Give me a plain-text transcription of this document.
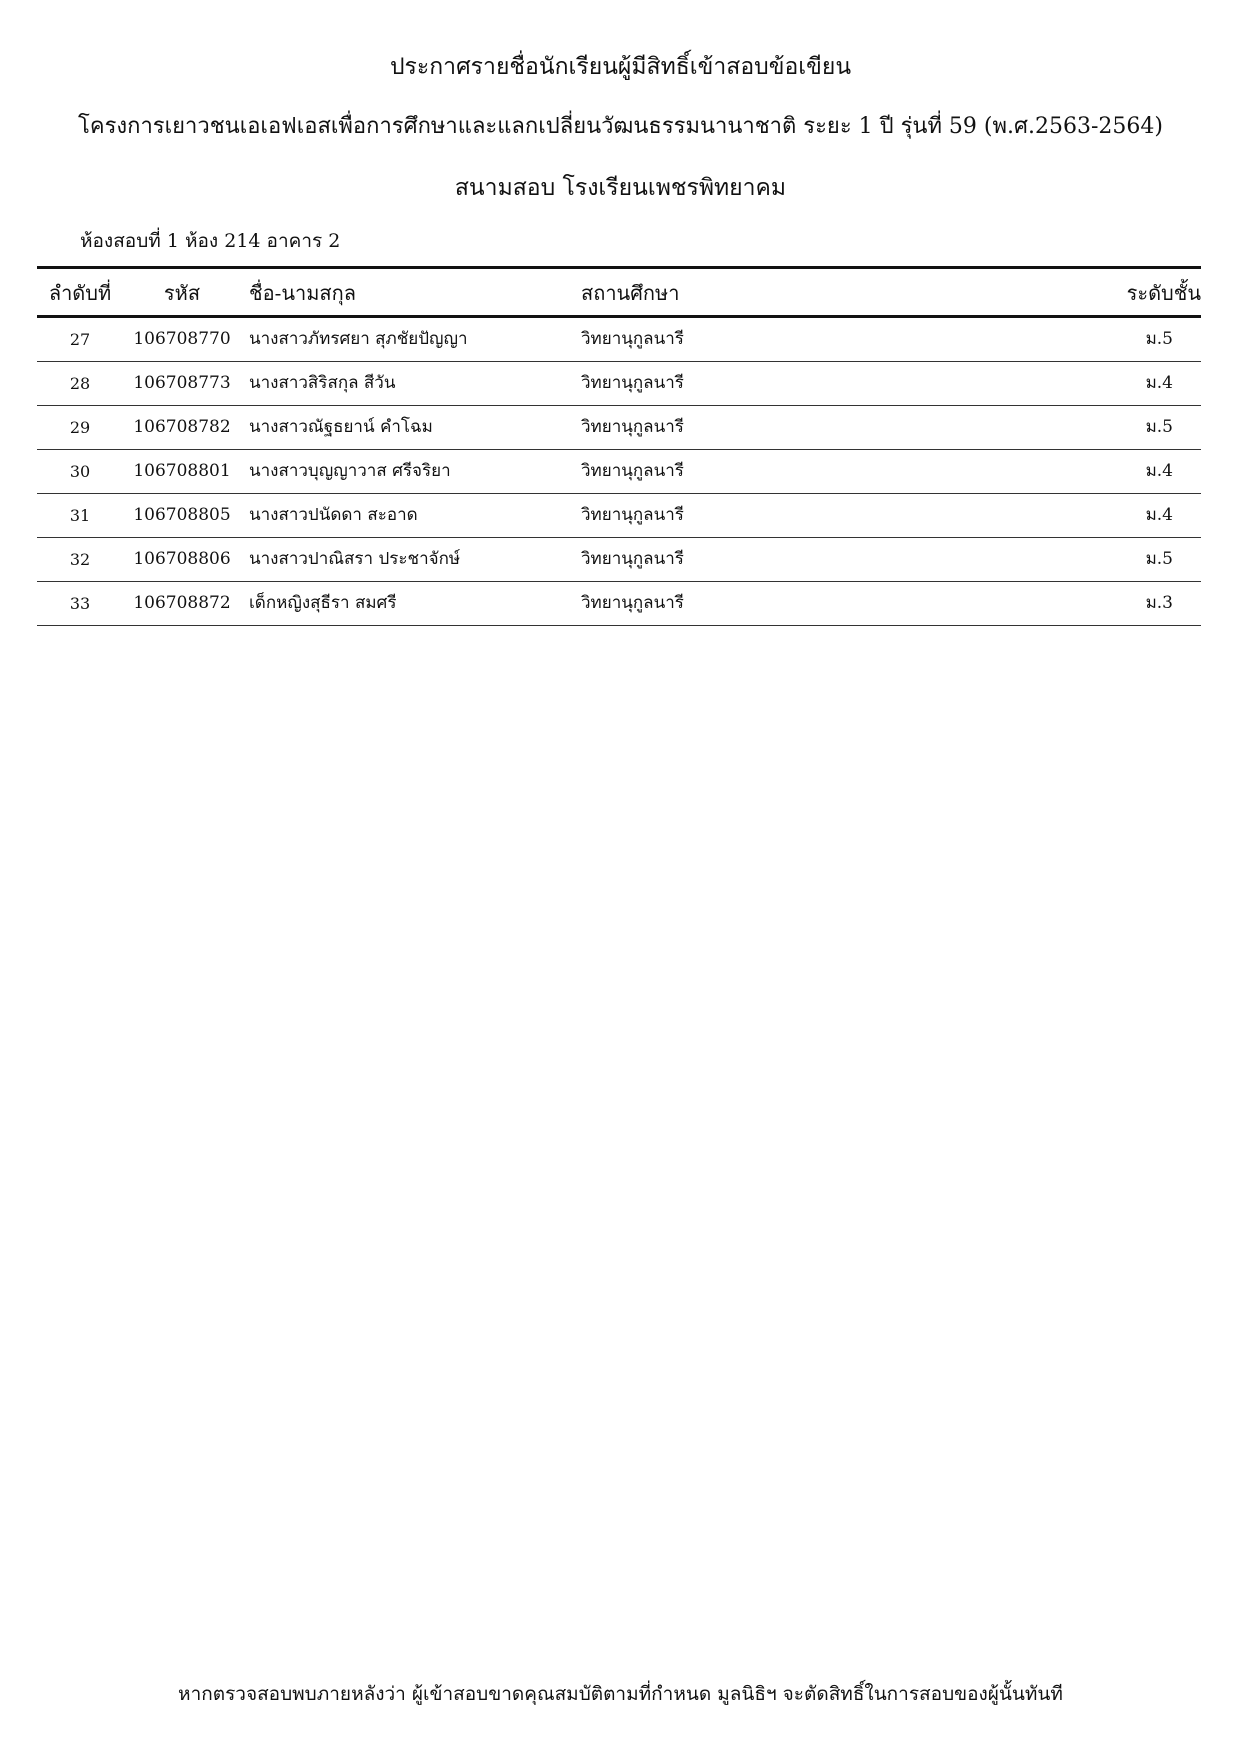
ประกาศรายชื่อนักเรียนผู้มีสิทธิ์เข้าสอบข้อเขียน
โครงการเยาวชนเอเอฟเอสเพื่อการศึกษาและแลกเปลี่ยนวัฒนธรรมนานาชาติ ระยะ 1 ปี รุ่นที่ 59 (พ.ศ.2563-2564)
สนามสอบ โรงเรียนเพชรพิทยาคม
ห้องสอบที่ 1 ห้อง 214 อาคาร 2
ลำดับที่	รหัส	ชื่อ-นามสกุล	สถานศึกษา	ระดับชั้น
27	106708770	นางสาวภัทรศยา สุภชัยปัญญา	วิทยานุกูลนารี	ม.5
28	106708773	นางสาวสิริสกุล สีวัน	วิทยานุกูลนารี	ม.4
29	106708782	นางสาวณัฐธยาน์ คำโฉม	วิทยานุกูลนารี	ม.5
30	106708801	นางสาวบุญญาวาส ศรีจริยา	วิทยานุกูลนารี	ม.4
31	106708805	นางสาวปนัดดา สะอาด	วิทยานุกูลนารี	ม.4
32	106708806	นางสาวปาณิสรา ประชาจักษ์	วิทยานุกูลนารี	ม.5
33	106708872	เด็กหญิงสุธีรา สมศรี	วิทยานุกูลนารี	ม.3
หากตรวจสอบพบภายหลังว่า ผู้เข้าสอบขาดคุณสมบัติตามที่กำหนด มูลนิธิฯ จะตัดสิทธิ์ในการสอบของผู้นั้นทันที
